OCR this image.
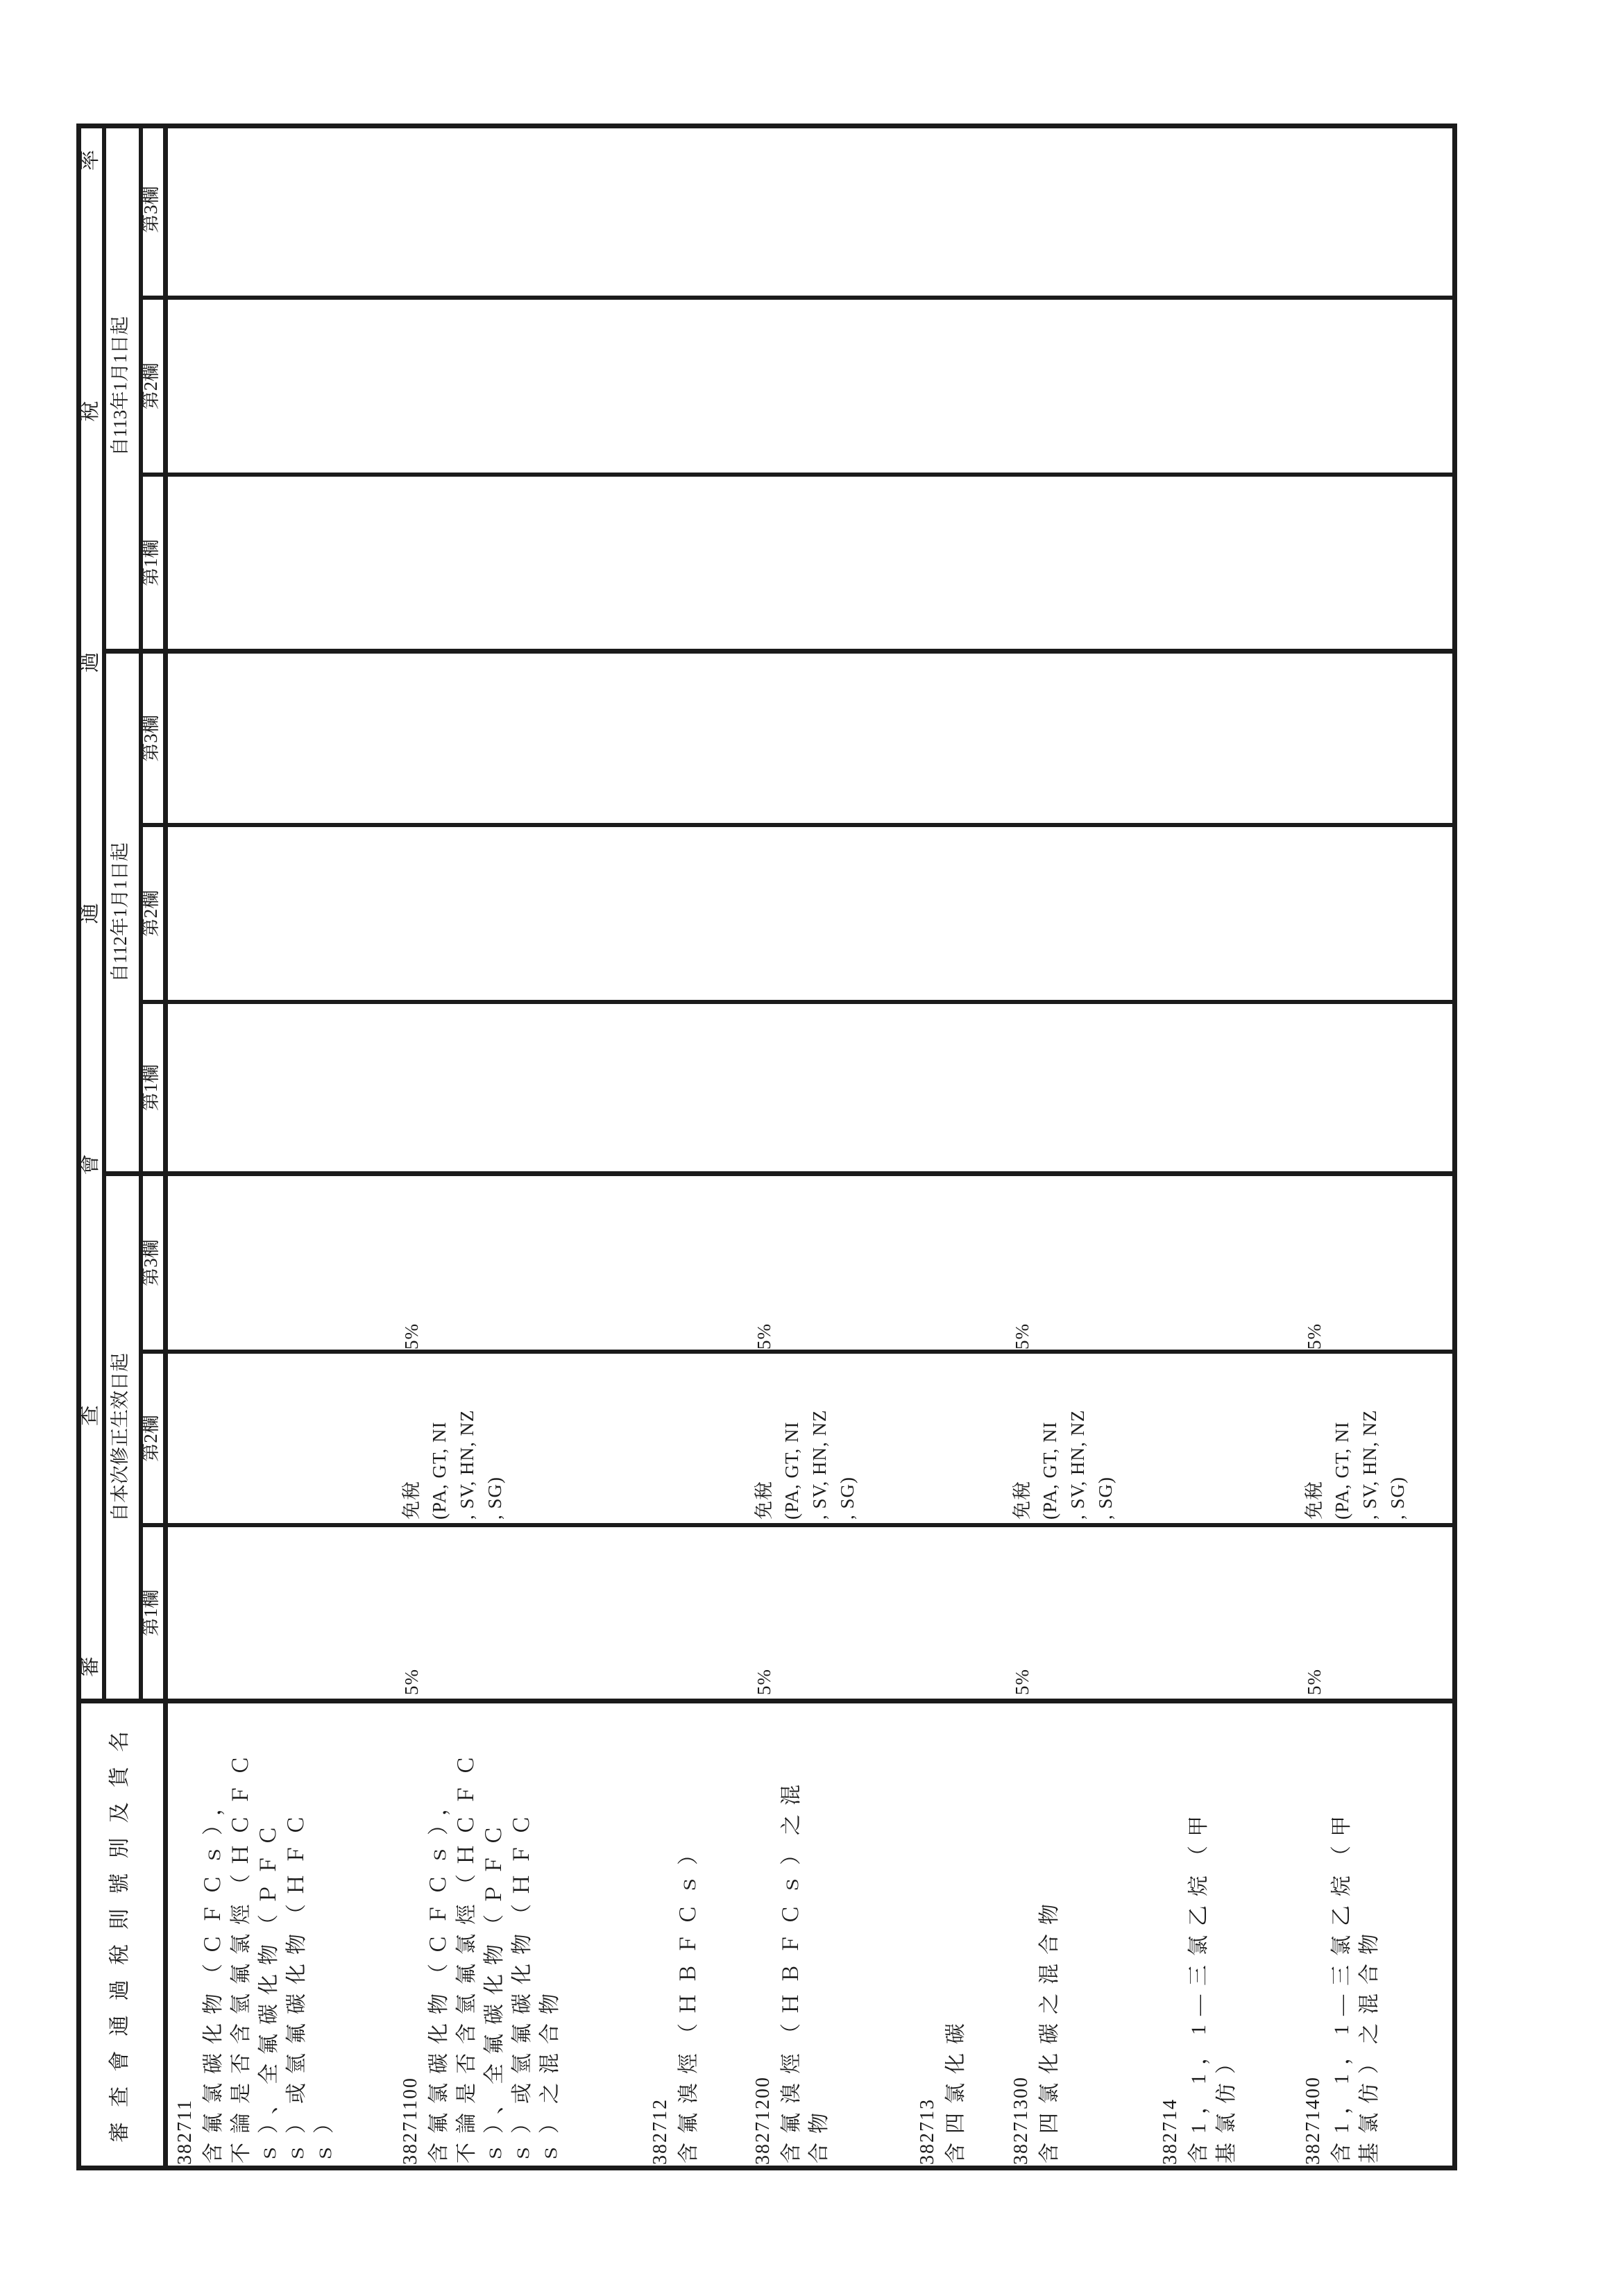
審查會通過稅則號別及貨名
審查會通過稅率 自本次修正生效日起
自112年1月1日起
自113年1月1日起
第1欄
第2欄
第3欄
第1欄
第2欄
第3欄
第1欄
第2欄
第3欄
382711 含氟氯碳化物（ＣＦＣｓ）， 不論是否含氫氟氯烴（ＨＣＦＣ ｓ）、全氟碳化物（ＰＦＣ ｓ）或氫氟碳化物（ＨＦＣ ｓ）	38271100 含氟氯碳化物（ＣＦＣｓ）， 不論是否含氫氟氯烴（ＨＣＦＣ ｓ）、全氟碳化物（ＰＦＣ ｓ）或氫氟碳化物（ＨＦＣ ｓ）之混合物
5%
免稅 (PA, GT, NI , SV, HN, NZ , SG)
5%
382712 含氟溴烴（ＨＢＦＣｓ）	38271200 含氟溴烴（ＨＢＦＣｓ）之混 合物
5%
免稅 (PA, GT, NI , SV, HN, NZ , SG)
5%
382713 含四氯化碳 38271300 含四氯化碳之混合物
5%
免稅 (PA, GT, NI , SV, HN, NZ , SG)
5%
382714 含1，1，1—三氯乙烷（甲 基氯仿）	38271400 含1，1，1—三氯乙烷（甲 基氯仿）之混合物
5%
免稅 (PA, GT, NI , SV, HN, NZ , SG)
5%
